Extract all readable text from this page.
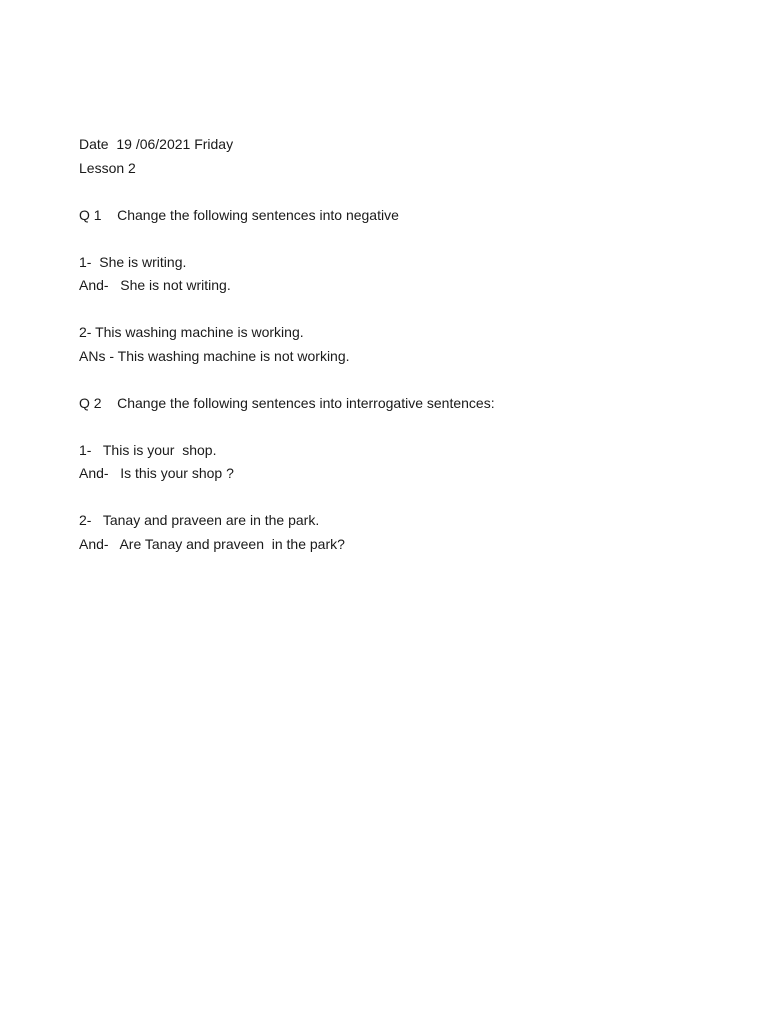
Date  19 /06/2021 Friday
Lesson 2
Q 1    Change the following sentences into negative
1-  She is writing.
And-   She is not writing.
2- This washing machine is working.
ANs - This washing machine is not working.
Q 2    Change the following sentences into interrogative sentences:
1-   This is your  shop.
And-   Is this your shop ?
2-   Tanay and praveen are in the park.
And-   Are Tanay and praveen  in the park?
